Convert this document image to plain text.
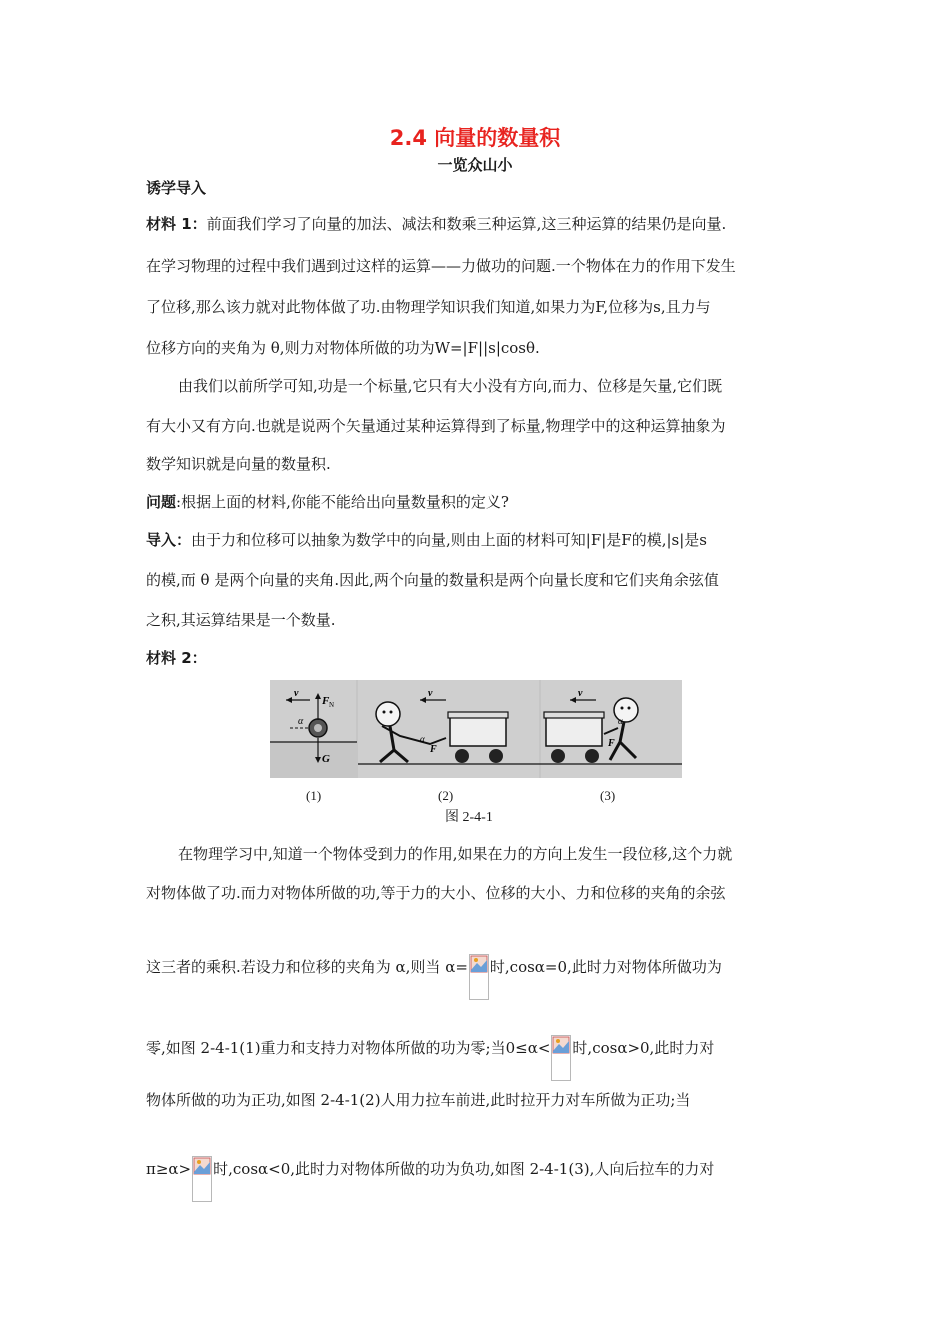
2.4 向量的数量积
一览众山小
诱学导入
材料 1：前面我们学习了向量的加法、减法和数乘三种运算,这三种运算的结果仍是向量.
在学习物理的过程中我们遇到过这样的运算——力做功的问题.一个物体在力的作用下发生
了位移,那么该力就对此物体做了功.由物理学知识我们知道,如果力为F,位移为s,且力与
位移方向的夹角为 θ,则力对物体所做的功为W=|F||s|cosθ.
由我们以前所学可知,功是一个标量,它只有大小没有方向,而力、位移是矢量,它们既
有大小又有方向.也就是说两个矢量通过某种运算得到了标量,物理学中的这种运算抽象为
数学知识就是向量的数量积.
问题:根据上面的材料,你能不能给出向量数量积的定义?
导入：由于力和位移可以抽象为数学中的向量,则由上面的材料可知|F|是F的模,|s|是s
的模,而 θ 是两个向量的夹角.因此,两个向量的数量积是两个向量长度和它们夹角余弦值
之积,其运算结果是一个数量.
材料 2：
v
F N
G
α
v
F
α
v
F
α
(1)	(2)	(3)
图 2-4-1
在物理学习中,知道一个物体受到力的作用,如果在力的方向上发生一段位移,这个力就
对物体做了功.而力对物体所做的功,等于力的大小、位移的大小、力和位移的夹角的余弦
这三者的乘积.若设力和位移的夹角为 α,则当 α= 时,cosα=0,此时力对物体所做功为
零,如图 2-4-1(1)重力和支持力对物体所做的功为零;当0≤α< 时,cosα>0,此时力对
物体所做的功为正功,如图 2-4-1(2)人用力拉车前进,此时拉开力对车所做为正功;当
π≥α> 时,cosα<0,此时力对物体所做的功为负功,如图 2-4-1(3),人向后拉车的力对
